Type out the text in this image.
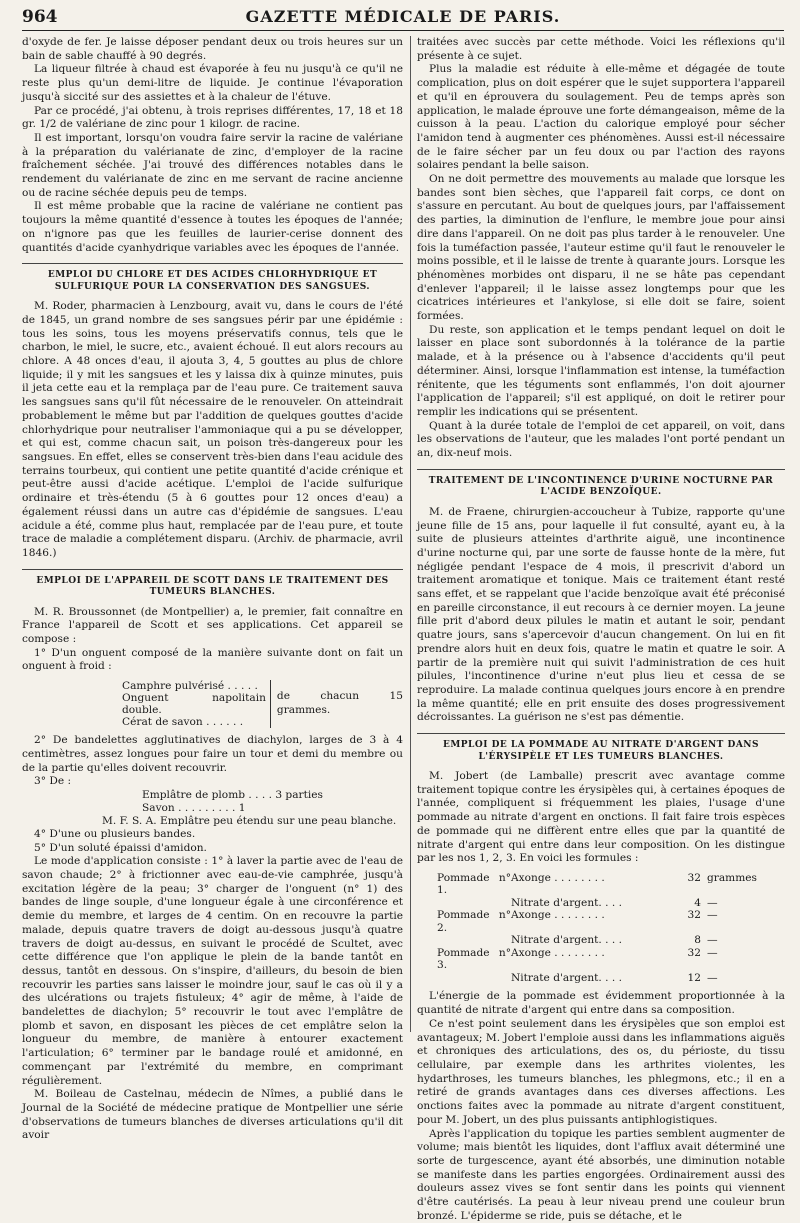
964	GAZETTE MÉDICALE DE PARIS.

d'oxyde de fer. Je laisse déposer pendant deux ou trois heures sur un bain de sable chauffé à 90 degrés.

La liqueur filtrée à chaud est évaporée à feu nu jusqu'à ce qu'il ne reste plus qu'un demi-litre de liquide. Je continue l'évaporation jusqu'à siccité sur des assiettes et à la chaleur de l'étuve.

Par ce procédé, j'ai obtenu, à trois reprises différentes, 17, 18 et 18 gr. 1/2 de valériane de zinc pour 1 kilogr. de racine.

Il est important, lorsqu'on voudra faire servir la racine de valériane à la préparation du valérianate de zinc, d'employer de la racine fraîchement séchée. J'ai trouvé des différences notables dans le rendement du valérianate de zinc en me servant de racine ancienne ou de racine séchée depuis peu de temps.

Il est même probable que la racine de valériane ne contient pas toujours la même quantité d'essence à toutes les époques de l'année; on n'ignore pas que les feuilles de laurier-cerise donnent des quantités d'acide cyanhydrique variables avec les époques de l'année.

EMPLOI DU CHLORE ET DES ACIDES CHLORHYDRIQUE ET SULFURIQUE POUR LA CONSERVATION DES SANGSUES.

M. Roder, pharmacien à Lenzbourg, avait vu, dans le cours de l'été de 1845, un grand nombre de ses sangsues périr par une épidémie : tous les soins, tous les moyens préservatifs connus, tels que le charbon, le miel, le sucre, etc., avaient échoué. Il eut alors recours au chlore. A 48 onces d'eau, il ajouta 3, 4, 5 gouttes au plus de chlore liquide; il y mit les sangsues et les y laissa dix à quinze minutes, puis il jeta cette eau et la remplaça par de l'eau pure. Ce traitement sauva les sangsues sans qu'il fût nécessaire de le renouveler. On atteindrait probablement le même but par l'addition de quelques gouttes d'acide chlorhydrique pour neutraliser l'ammoniaque qui a pu se développer, et qui est, comme chacun sait, un poison très-dangereux pour les sangsues. En effet, elles se conservent très-bien dans l'eau acidule des terrains tourbeux, qui contient une petite quantité d'acide crénique et peut-être aussi d'acide acétique. L'emploi de l'acide sulfurique ordinaire et très-étendu (5 à 6 gouttes pour 12 onces d'eau) a également réussi dans un autre cas d'épidémie de sangsues. L'eau acidule a été, comme plus haut, remplacée par de l'eau pure, et toute trace de maladie a complétement disparu. (Archiv. de pharmacie, avril 1846.)

EMPLOI DE L'APPAREIL DE SCOTT DANS LE TRAITEMENT DES TUMEURS BLANCHES.

M. R. Broussonnet (de Montpellier) a, le premier, fait connaître en France l'appareil de Scott et ses applications. Cet appareil se compose :

1° D'un onguent composé de la manière suivante dont on fait un onguent à froid :

Camphre pulvérisé . . . . .
Onguent napolitain double.
Cérat de savon . . . . . .
de chacun 15 grammes.

2° De bandelettes agglutinatives de diachylon, larges de 3 à 4 centimètres, assez longues pour faire un tour et demi du membre ou de la partie qu'elles doivent recouvrir.

3° De :

Emplâtre de plomb . . . . 3 parties
Savon . . . . . . . . . 1
M. F. S. A. Emplâtre peu étendu sur une peau blanche.

4° D'une ou plusieurs bandes.

5° D'un soluté épaissi d'amidon.

Le mode d'application consiste : 1° à laver la partie avec de l'eau de savon chaude; 2° à frictionner avec eau-de-vie camphrée, jusqu'à excitation légère de la peau; 3° charger de l'onguent (n° 1) des bandes de linge souple, d'une longueur égale à une circonférence et demie du membre, et larges de 4 centim. On en recouvre la partie malade, depuis quatre travers de doigt au-dessous jusqu'à quatre travers de doigt au-dessus, en suivant le procédé de Scultet, avec cette différence que l'on applique le plein de la bande tantôt en dessus, tantôt en dessous. On s'inspire, d'ailleurs, du besoin de bien recouvrir les parties sans laisser le moindre jour, sauf le cas où il y a des ulcérations ou trajets fistuleux; 4° agir de même, à l'aide de bandelettes de diachylon; 5° recouvrir le tout avec l'emplâtre de plomb et savon, en disposant les pièces de cet emplâtre selon la longueur du membre, de manière à entourer exactement l'articulation; 6° terminer par le bandage roulé et amidonné, en commençant par l'extrémité du membre, en comprimant régulièrement.

M. Boileau de Castelnau, médecin de Nîmes, a publié dans le Journal de la Société de médecine pratique de Montpellier une série d'observations de tumeurs blanches de diverses articulations qu'il dit avoir

traitées avec succès par cette méthode. Voici les réflexions qu'il présente à ce sujet.

Plus la maladie est réduite à elle-même et dégagée de toute complication, plus on doit espérer que le sujet supportera l'appareil et qu'il en éprouvera du soulagement. Peu de temps après son application, le malade éprouve une forte démangeaison, même de la cuisson à la peau. L'action du calorique employé pour sécher l'amidon tend à augmenter ces phénomènes. Aussi est-il nécessaire de le faire sécher par un feu doux ou par l'action des rayons solaires pendant la belle saison.

On ne doit permettre des mouvements au malade que lorsque les bandes sont bien sèches, que l'appareil fait corps, ce dont on s'assure en percutant. Au bout de quelques jours, par l'affaissement des parties, la diminution de l'enflure, le membre joue pour ainsi dire dans l'appareil. On ne doit pas plus tarder à le renouveler. Une fois la tuméfaction passée, l'auteur estime qu'il faut le renouveler le moins possible, et il le laisse de trente à quarante jours. Lorsque les phénomènes morbides ont disparu, il ne se hâte pas cependant d'enlever l'appareil; il le laisse assez longtemps pour que les cicatrices intérieures et l'ankylose, si elle doit se faire, soient formées.

Du reste, son application et le temps pendant lequel on doit le laisser en place sont subordonnés à la tolérance de la partie malade, et à la présence ou à l'absence d'accidents qu'il peut déterminer. Ainsi, lorsque l'inflammation est intense, la tuméfaction rénitente, que les téguments sont enflammés, l'on doit ajourner l'application de l'appareil; s'il est appliqué, on doit le retirer pour remplir les indications qui se présentent.

Quant à la durée totale de l'emploi de cet appareil, on voit, dans les observations de l'auteur, que les malades l'ont porté pendant un an, dix-neuf mois.

TRAITEMENT DE L'INCONTINENCE D'URINE NOCTURNE PAR L'ACIDE BENZOÏQUE.

M. de Fraene, chirurgien-accoucheur à Tubize, rapporte qu'une jeune fille de 15 ans, pour laquelle il fut consulté, ayant eu, à la suite de plusieurs atteintes d'arthrite aiguë, une incontinence d'urine nocturne qui, par une sorte de fausse honte de la mère, fut négligée pendant l'espace de 4 mois, il prescrivit d'abord un traitement aromatique et tonique. Mais ce traitement étant resté sans effet, et se rappelant que l'acide benzoïque avait été préconisé en pareille circonstance, il eut recours à ce dernier moyen. La jeune fille prit d'abord deux pilules le matin et autant le soir, pendant quatre jours, sans s'apercevoir d'aucun changement. On lui en fit prendre alors huit en deux fois, quatre le matin et quatre le soir. A partir de la première nuit qui suivit l'administration de ces huit pilules, l'incontinence d'urine n'eut plus lieu et cessa de se reproduire. La malade continua quelques jours encore à en prendre la même quantité; elle en prit ensuite des doses progressivement décroissantes. La guérison ne s'est pas démentie.

EMPLOI DE LA POMMADE AU NITRATE D'ARGENT DANS L'ÉRYSIPÈLE ET LES TUMEURS BLANCHES.

M. Jobert (de Lamballe) prescrit avec avantage comme traitement topique contre les érysipèles qui, à certaines époques de l'année, compliquent si fréquemment les plaies, l'usage d'une pommade au nitrate d'argent en onctions. Il fait faire trois espèces de pommade qui ne diffèrent entre elles que par la quantité de nitrate d'argent qui entre dans leur composition. On les distingue par les nos 1, 2, 3. En voici les formules :

Pommade n° 1.
Axonge . . . . . . . .	32 grammes
Nitrate d'argent. . . .	4 —
Pommade n° 2.
Axonge . . . . . . . .	32 —
Nitrate d'argent. . . .	8 —
Pommade n° 3.
Axonge . . . . . . . .	32 —
Nitrate d'argent. . . .	12 —

L'énergie de la pommade est évidemment proportionnée à la quantité de nitrate d'argent qui entre dans sa composition.

Ce n'est point seulement dans les érysipèles que son emploi est avantageux; M. Jobert l'emploie aussi dans les inflammations aiguës et chroniques des articulations, des os, du périoste, du tissu cellulaire, par exemple dans les arthrites violentes, les hydarthroses, les tumeurs blanches, les phlegmons, etc.; il en a retiré de grands avantages dans ces diverses affections. Les onctions faites avec la pommade au nitrate d'argent constituent, pour M. Jobert, un des plus puissants antiphlogistiques.

Après l'application du topique les parties semblent augmenter de volume; mais bientôt les liquides, dont l'afflux avait déterminé une sorte de turgescence, ayant été absorbés, une diminution notable se manifeste dans les parties engorgées. Ordinairement aussi des douleurs assez vives se font sentir dans les points qui viennent d'être cautérisés. La peau à leur niveau prend une couleur brun bronzé. L'épiderme se ride, puis se détache, et le
